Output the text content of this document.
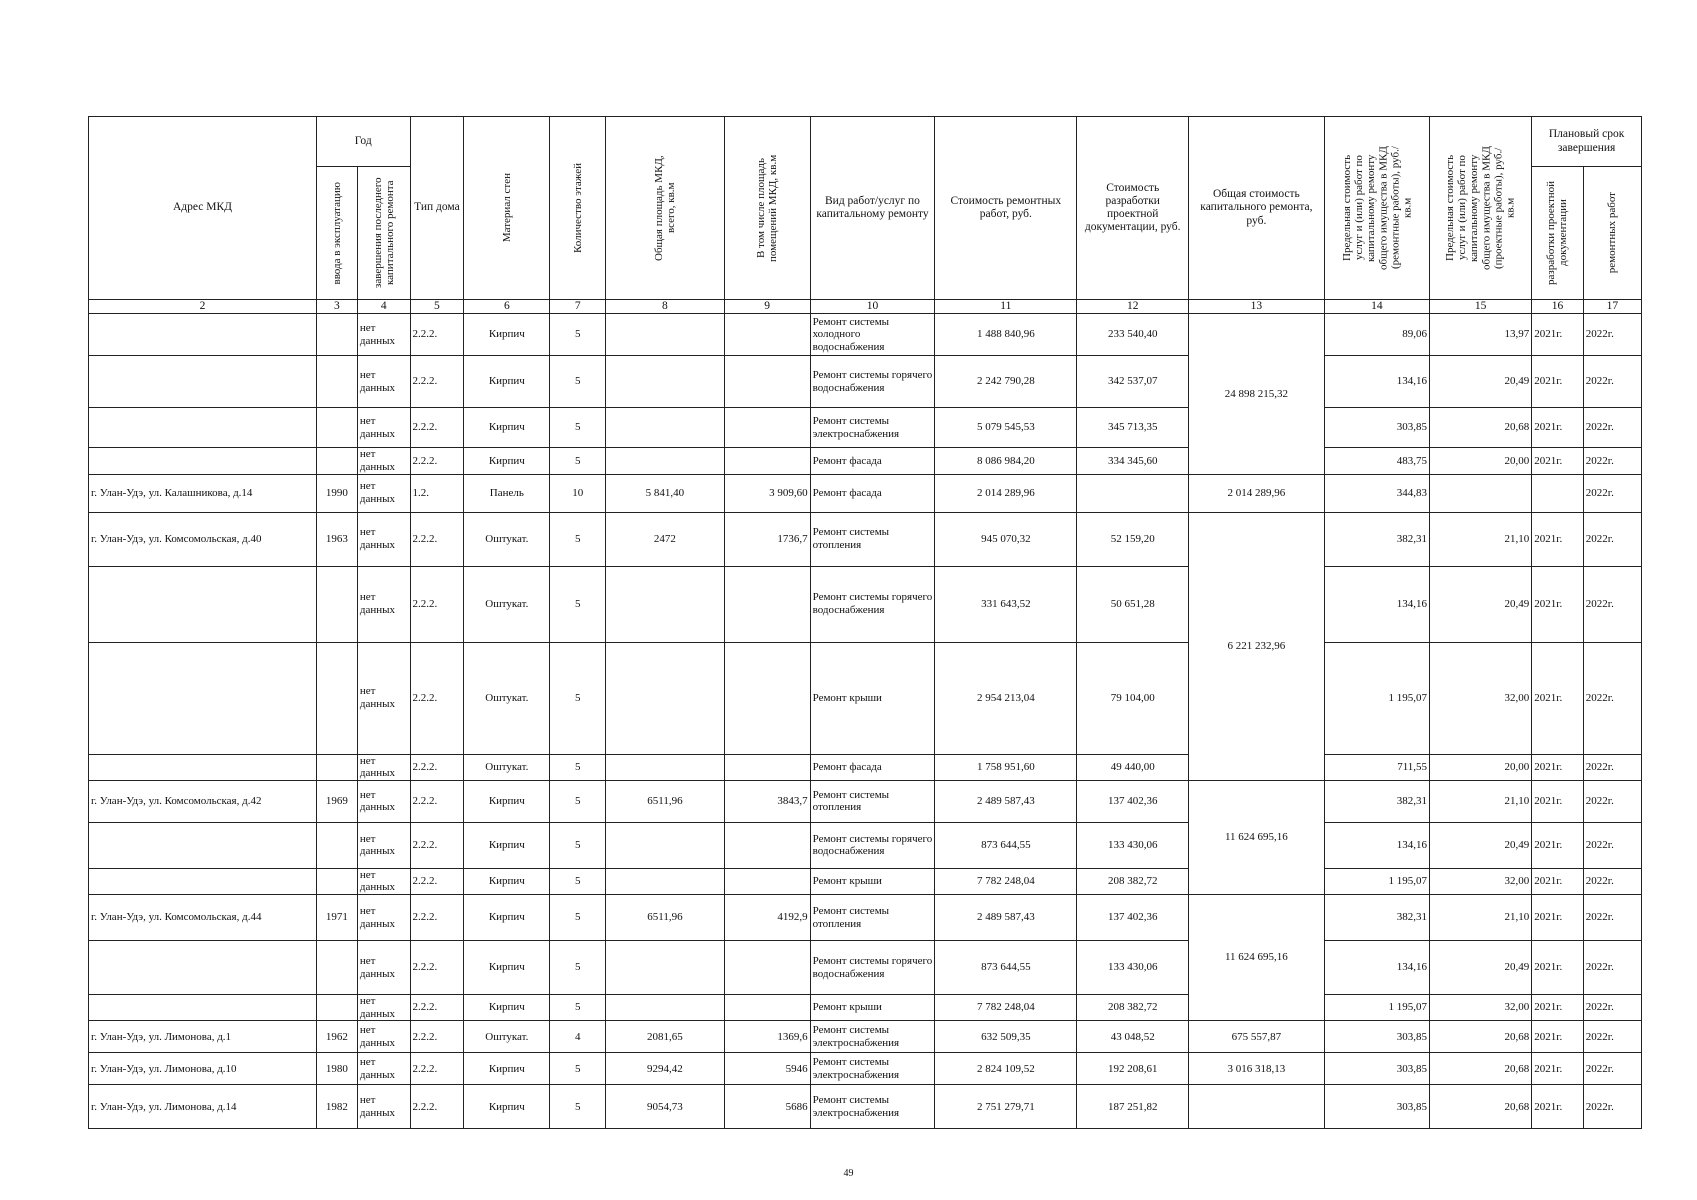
Адрес МКД	Год		Тип дома	Материал стен	Количество этажей	Общая площадь МКД, всего, кв.м	В том числе площадь помещений МКД, кв.м	Вид работ/услуг по капитальному ремонту	Стоимость ремонтных работ, руб.	Стоимость разработки проектной документации, руб.	Общая стоимость капитального ремонта, руб.	Предельная стоимость услуг и (или) работ по капитальному ремонту общего имущества в МКД (ремонтные работы), руб./кв.м	Предельная стоимость услуг и (или) работ по капитальному ремонту общего имущества в МКД (проектные работы), руб./кв.м	Плановый срок завершения	

	ввода в эксплуатацию	завершения последнего капитального ремонта												разработки проектной документации	ремонтных работ

2	3	4	5	6	7	8	9	10	11	12	13	14	15	16	17
		нет данных	2.2.2.	Кирпич	5			Ремонт системы холодного водоснабжения	1 488 840,96	233 540,40	24 898 215,32	89,06	13,97	2021г.	2022г.
		нет данных	2.2.2.	Кирпич	5			Ремонт системы горячего водоснабжения	2 242 790,28	342 537,07		134,16	20,49	2021г.	2022г.
		нет данных	2.2.2.	Кирпич	5			Ремонт системы электроснабжения	5 079 545,53	345 713,35		303,85	20,68	2021г.	2022г.
		нет данных	2.2.2.	Кирпич	5			Ремонт фасада	8 086 984,20	334 345,60		483,75	20,00	2021г.	2022г.
г. Улан-Удэ, ул. Калашникова, д.14	1990	нет данных	1.2.	Панель	10	5 841,40	3 909,60	Ремонт фасада	2 014 289,96		2 014 289,96	344,83			2022г.
г. Улан-Удэ, ул. Комсомольская, д.40	1963	нет данных	2.2.2.	Оштукат.	5	2472	1736,7	Ремонт системы отопления	945 070,32	52 159,20	6 221 232,96	382,31	21,10	2021г.	2022г.
		нет данных	2.2.2.	Оштукат.	5			Ремонт системы горячего водоснабжения	331 643,52	50 651,28		134,16	20,49	2021г.	2022г.
		нет данных	2.2.2.	Оштукат.	5			Ремонт крыши	2 954 213,04	79 104,00		1 195,07	32,00	2021г.	2022г.
		нет данных	2.2.2.	Оштукат.	5			Ремонт фасада	1 758 951,60	49 440,00		711,55	20,00	2021г.	2022г.
г. Улан-Удэ, ул. Комсомольская, д.42	1969	нет данных	2.2.2.	Кирпич	5	6511,96	3843,7	Ремонт системы отопления	2 489 587,43	137 402,36	11 624 695,16	382,31	21,10	2021г.	2022г.
		нет данных	2.2.2.	Кирпич	5			Ремонт системы горячего водоснабжения	873 644,55	133 430,06		134,16	20,49	2021г.	2022г.
		нет данных	2.2.2.	Кирпич	5			Ремонт крыши	7 782 248,04	208 382,72		1 195,07	32,00	2021г.	2022г.
г. Улан-Удэ, ул. Комсомольская, д.44	1971	нет данных	2.2.2.	Кирпич	5	6511,96	4192,9	Ремонт системы отопления	2 489 587,43	137 402,36	11 624 695,16	382,31	21,10	2021г.	2022г.
		нет данных	2.2.2.	Кирпич	5			Ремонт системы горячего водоснабжения	873 644,55	133 430,06		134,16	20,49	2021г.	2022г.
		нет данных	2.2.2.	Кирпич	5			Ремонт крыши	7 782 248,04	208 382,72		1 195,07	32,00	2021г.	2022г.
г. Улан-Удэ, ул. Лимонова, д.1	1962	нет данных	2.2.2.	Оштукат.	4	2081,65	1369,6	Ремонт системы электроснабжения	632 509,35	43 048,52	675 557,87	303,85	20,68	2021г.	2022г.
г. Улан-Удэ, ул. Лимонова, д.10	1980	нет данных	2.2.2.	Кирпич	5	9294,42	5946	Ремонт системы электроснабжения	2 824 109,52	192 208,61	3 016 318,13	303,85	20,68	2021г.	2022г.
г. Улан-Удэ, ул. Лимонова, д.14	1982	нет данных	2.2.2.	Кирпич	5	9054,73	5686	Ремонт системы электроснабжения	2 751 279,71	187 251,82		303,85	20,68	2021г.	2022г.
49
